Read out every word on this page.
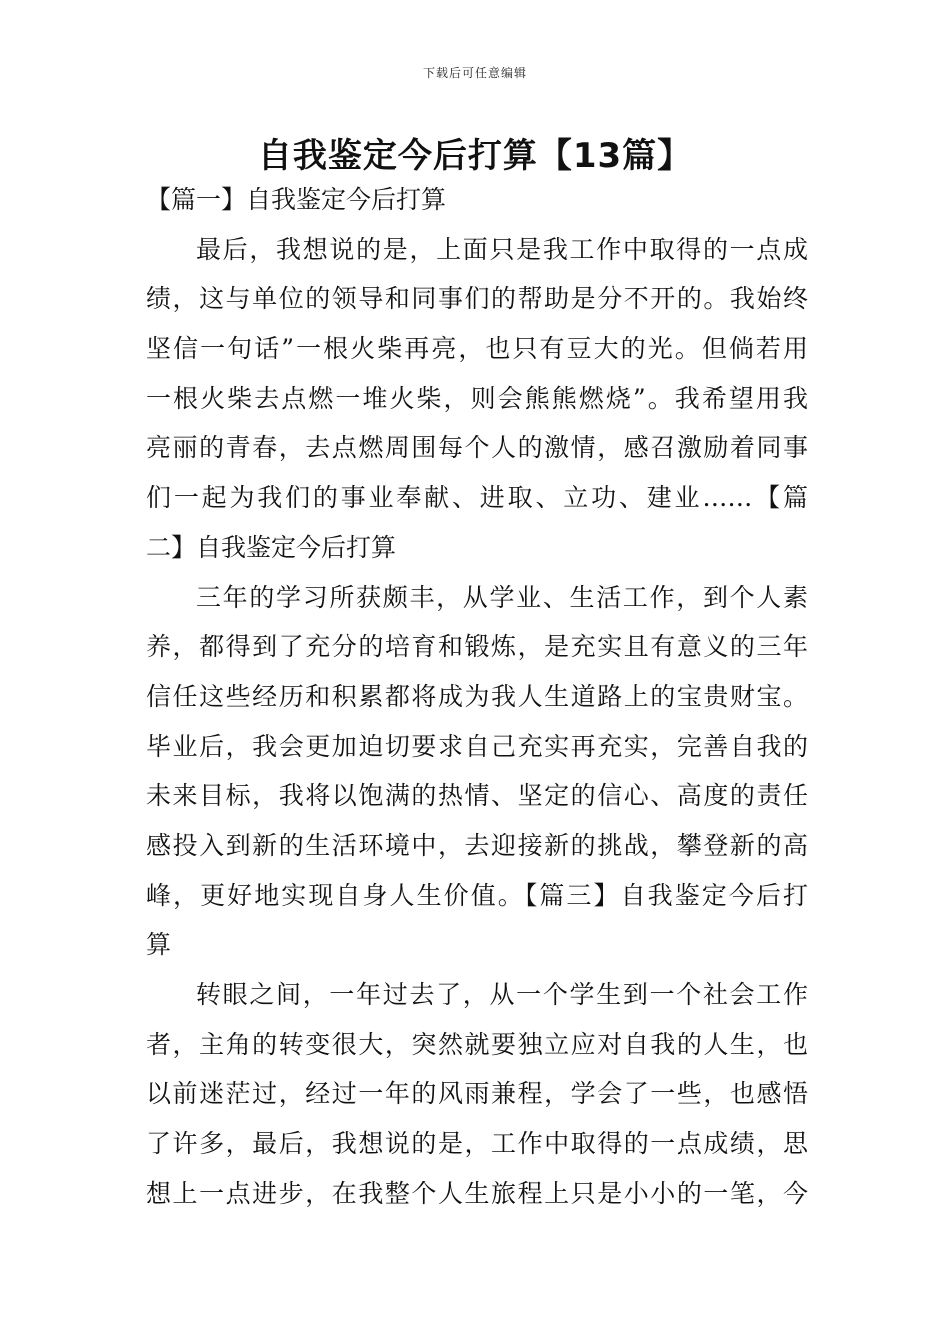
下载后可任意编辑
自我鉴定今后打算【13篇】
【篇一】自我鉴定今后打算
最后，我想说的是，上面只是我工作中取得的一点成
绩，这与单位的领导和同事们的帮助是分不开的。我始终
坚信一句话”一根火柴再亮，也只有豆大的光。但倘若用
一根火柴去点燃一堆火柴，则会熊熊燃烧”。我希望用我
亮丽的青春，去点燃周围每个人的激情，感召激励着同事
们一起为我们的事业奉献、进取、立功、建业……【篇
二】自我鉴定今后打算
三年的学习所获颇丰，从学业、生活工作，到个人素
养，都得到了充分的培育和锻炼，是充实且有意义的三年
信任这些经历和积累都将成为我人生道路上的宝贵财宝。
毕业后，我会更加迫切要求自己充实再充实，完善自我的
未来目标，我将以饱满的热情、坚定的信心、高度的责任
感投入到新的生活环境中，去迎接新的挑战，攀登新的高
峰，更好地实现自身人生价值。【篇三】自我鉴定今后打
算
转眼之间，一年过去了，从一个学生到一个社会工作
者，主角的转变很大，突然就要独立应对自我的人生，也
以前迷茫过，经过一年的风雨兼程，学会了一些，也感悟
了许多，最后，我想说的是，工作中取得的一点成绩，思
想上一点进步，在我整个人生旅程上只是小小的一笔，今
